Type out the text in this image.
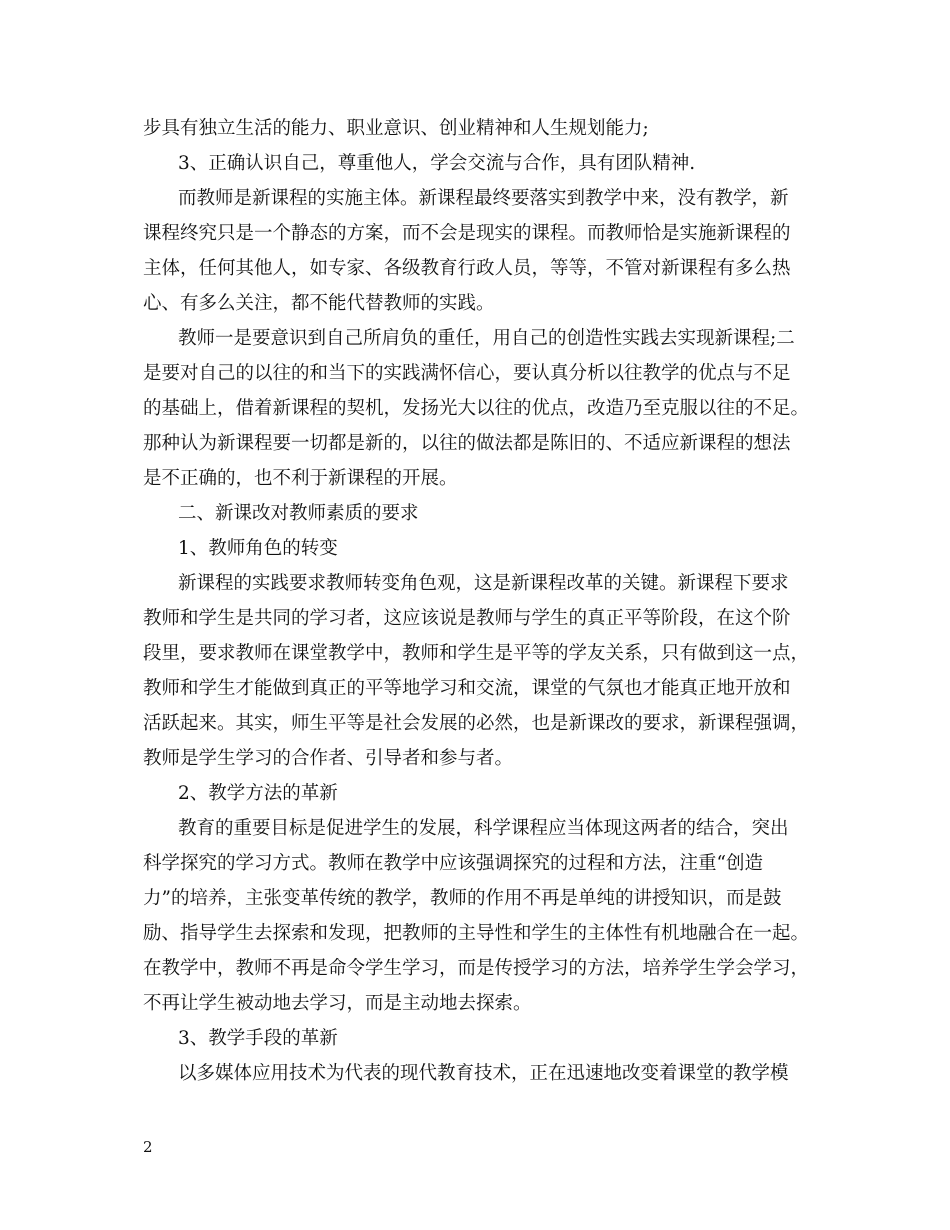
步具有独立生活的能力、职业意识、创业精神和人生规划能力;
3、正确认识自己，尊重他人，学会交流与合作，具有团队精神.
而教师是新课程的实施主体。新课程最终要落实到教学中来，没有教学，新
课程终究只是一个静态的方案，而不会是现实的课程。而教师恰是实施新课程的
主体，任何其他人，如专家、各级教育行政人员，等等，不管对新课程有多么热
心、有多么关注，都不能代替教师的实践。
教师一是要意识到自己所肩负的重任，用自己的创造性实践去实现新课程;二
是要对自己的以往的和当下的实践满怀信心，要认真分析以往教学的优点与不足
的基础上，借着新课程的契机，发扬光大以往的优点，改造乃至克服以往的不足。
那种认为新课程要一切都是新的，以往的做法都是陈旧的、不适应新课程的想法
是不正确的，也不利于新课程的开展。
二、新课改对教师素质的要求
1、教师角色的转变
新课程的实践要求教师转变角色观，这是新课程改革的关键。新课程下要求
教师和学生是共同的学习者，这应该说是教师与学生的真正平等阶段，在这个阶
段里，要求教师在课堂教学中，教师和学生是平等的学友关系，只有做到这一点，
教师和学生才能做到真正的平等地学习和交流，课堂的气氛也才能真正地开放和
活跃起来。其实，师生平等是社会发展的必然，也是新课改的要求，新课程强调，
教师是学生学习的合作者、引导者和参与者。
2、教学方法的革新
教育的重要目标是促进学生的发展，科学课程应当体现这两者的结合，突出
科学探究的学习方式。教师在教学中应该强调探究的过程和方法，注重“创造
力”的培养，主张变革传统的教学，教师的作用不再是单纯的讲授知识，而是鼓
励、指导学生去探索和发现，把教师的主导性和学生的主体性有机地融合在一起。
在教学中，教师不再是命令学生学习，而是传授学习的方法，培养学生学会学习，
不再让学生被动地去学习，而是主动地去探索。
3、教学手段的革新
以多媒体应用技术为代表的现代教育技术，正在迅速地改变着课堂的教学模
2
